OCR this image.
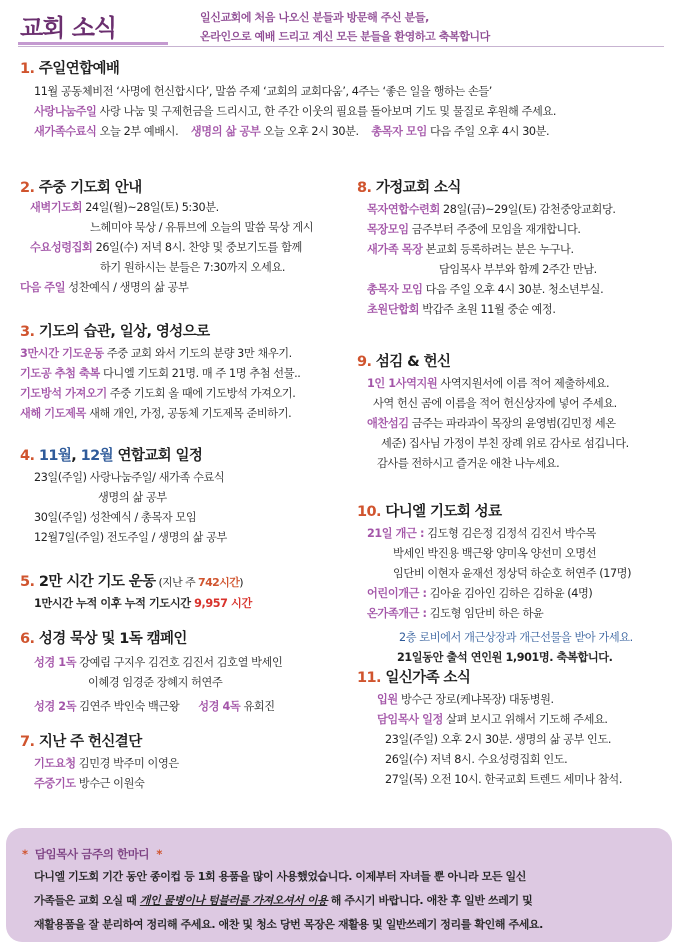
교회 소식	일신교회에 처음 나오신 분들과 방문해 주신 분들,
온라인으로 예배 드리고 계신 모든 분들을 환영하고 축복합니다
1. 주일연합예배
11월 공동체비전 ‘사명에 헌신합시다’, 말씀 주제 ‘교회의 교회다움’, 4주는 ‘좋은 일을 행하는 손들’
사랑나눔주일 사랑 나눔 및 구제헌금을 드리시고, 한 주간 이웃의 필요를 돌아보며 기도 및 물질로 후원해 주세요.
새가족수료식 오늘 2부 예배시. 생명의 삶 공부 오늘 오후 2시 30분. 총목자 모임 다음 주일 오후 4시 30분.
2. 주중 기도회 안내
새벽기도회 24일(월)~28일(토) 5:30분.
느헤미야 묵상 / 유튜브에 오늘의 말씀 묵상 게시
수요성령집회 26일(수) 저녁 8시. 찬양 및 중보기도를 함께
하기 원하시는 분들은 7:30까지 오세요.
다음 주일 성찬예식 / 생명의 삶 공부
3. 기도의 습관, 일상, 영성으로
3만시간 기도운동 주중 교회 와서 기도의 분량 3만 채우기.
기도공 추첨 축복 다니엘 기도회 21명. 매 주 1명 추첨 선물..
기도방석 가져오기 주중 기도회 올 때에 기도방석 가져오기.
새해 기도제목 새해 개인, 가정, 공동체 기도제목 준비하기.
4. 11월, 12월 연합교회 일정
23일(주일) 사랑나눔주일/ 새가족 수료식
생명의 삶 공부
30일(주일) 성찬예식 / 총목자 모임
12월7일(주일) 전도주일 / 생명의 삶 공부
5. 2만 시간 기도 운동 (지난 주 742시간)
1만시간 누적 이후 누적 기도시간 9,957 시간
6. 성경 묵상 및 1독 캠페인
성경 1독 강예림 구지우 김건호 김진서 김호열 박세인
이혜경 임경준 장혜지 허연주
성경 2독 김연주 박인숙 백근왕 성경 4독 유회진
7. 지난 주 헌신결단
기도요청 김민경 박주미 이영은
주중기도 방수근 이원숙
8. 가정교회 소식
목자연합수련회 28일(금)~29일(토) 감천중앙교회당.
목장모임 금주부터 주중에 모임을 재개합니다.
새가족 목장 본교회 등록하려는 분은 누구나.
담임목사 부부와 함께 2주간 만남.
총목자 모임 다음 주일 오후 4시 30분. 청소년부실.
초원단합회 박갑주 초원 11월 중순 예정.
9. 섬김 & 헌신
1인 1사역지원 사역지원서에 이름 적어 제출하세요.
사역 헌신 곰에 이름을 적어 헌신상자에 넣어 주세요.
애찬섬김 금주는 파라과이 목장의 윤영범(김민정 세온
세준) 집사님 가정이 부친 장례 위로 감사로 섬깁니다.
감사를 전하시고 즐거운 애찬 나누세요.
10. 다니엘 기도회 성료
21일 개근 : 김도형 김은정 김정석 김진서 박수목
박세인 박진용 백근왕 양미옥 양선미 오명선
임단비 이현자 윤재선 정상덕 하순호 허연주 (17명)
어린이개근 : 김아윤 김아인 김하은 김하윤 (4명)
온가족개근 : 김도형 임단비 하은 하윤
2층 로비에서 개근상장과 개근선물을 받아 가세요.
21일동안 출석 연인원 1,901명. 축복합니다.
11. 일신가족 소식
입원 방수근 장로(케냐목장) 대동병원.
담임목사 일정 살펴 보시고 위해서 기도해 주세요.
23일(주일) 오후 2시 30분. 생명의 삶 공부 인도.
26일(수) 저녁 8시. 수요성령집회 인도.
27일(목) 오전 10시. 한국교회 트렌드 세미나 참석.
* 담임목사 금주의 한마디 *
다니엘 기도회 기간 동안 종이컵 등 1회 용품을 많이 사용했었습니다. 이제부터 자녀들 뿐 아니라 모든 일신
가족들은 교회 오실 때 개인 물병이나 텀블러를 가져오셔서 이용 해 주시기 바랍니다. 애찬 후 일반 쓰레기 및
재활용품을 잘 분리하여 정리해 주세요. 애찬 및 청소 당번 목장은 재활용 및 일반쓰레기 정리를 확인해 주세요.
